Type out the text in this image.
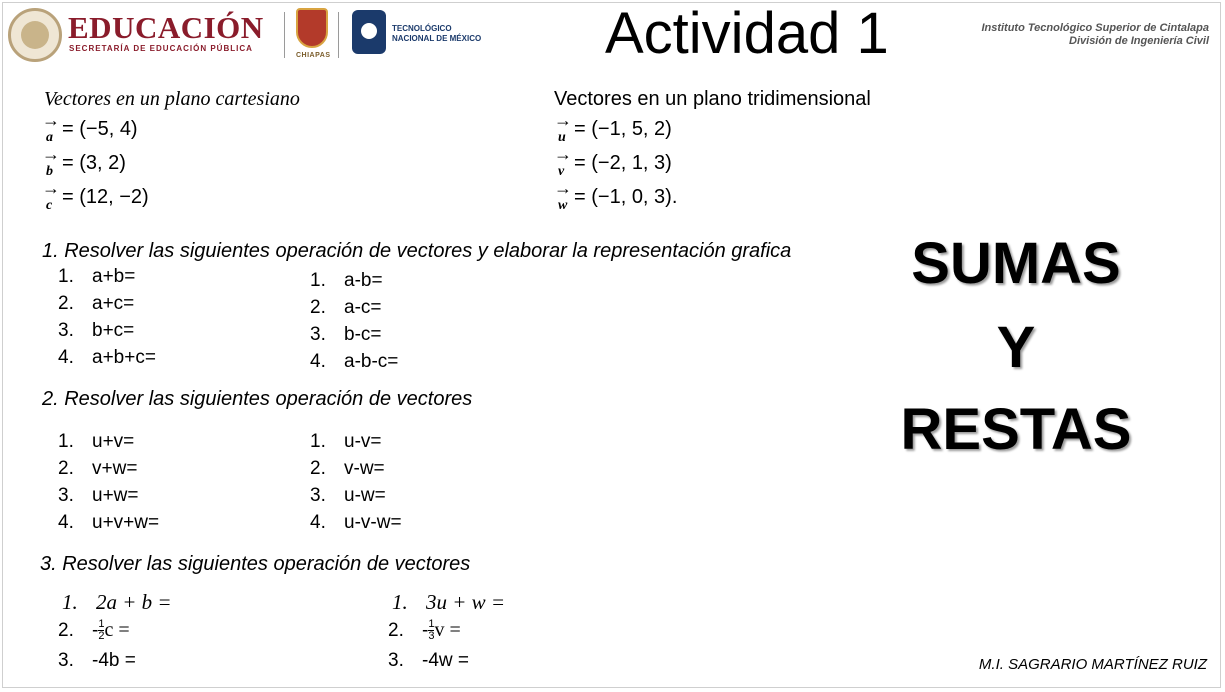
EDUCACIÓN
SECRETARÍA DE EDUCACIÓN PÚBLICA
CHIAPAS
TECNOLÓGICO NACIONAL DE MÉXICO Actividad 1	Instituto Tecnológico Superior de Cintalapa
División de Ingeniería Civil
Vectores en un plano cartesiano	Vectores en un plano tridimensional
→
a = (−5, 4)
→
b = (3, 2)
→
c = (12, −2)
→
u = (−1, 5, 2)
→
v = (−2, 1, 3)
→
w = (−1, 0, 3).
1. Resolver las siguientes operación de vectores y elaborar la representación grafica
1. a+b=
2. a+c=
3. b+c=
4. a+b+c=
1. a-b=
2. a-c=
3. b-c=
4. a-b-c=
2. Resolver las siguientes operación de vectores
1. u+v=
2. v+w=
3. u+w=
4. u+v+w=
1. u-v=
2. v-w=
3. u-w=
4. u-v-w=
3. Resolver las siguientes operación de vectores
1. 2a + b =
2. - $\frac{1}{2}$ c =
3. -4b =
1. 3u + w =
2. - $\frac{1}{3}$ v =
3. -4w =
SUMAS
Y
RESTAS
M.I. SAGRARIO MARTÍNEZ RUIZ
